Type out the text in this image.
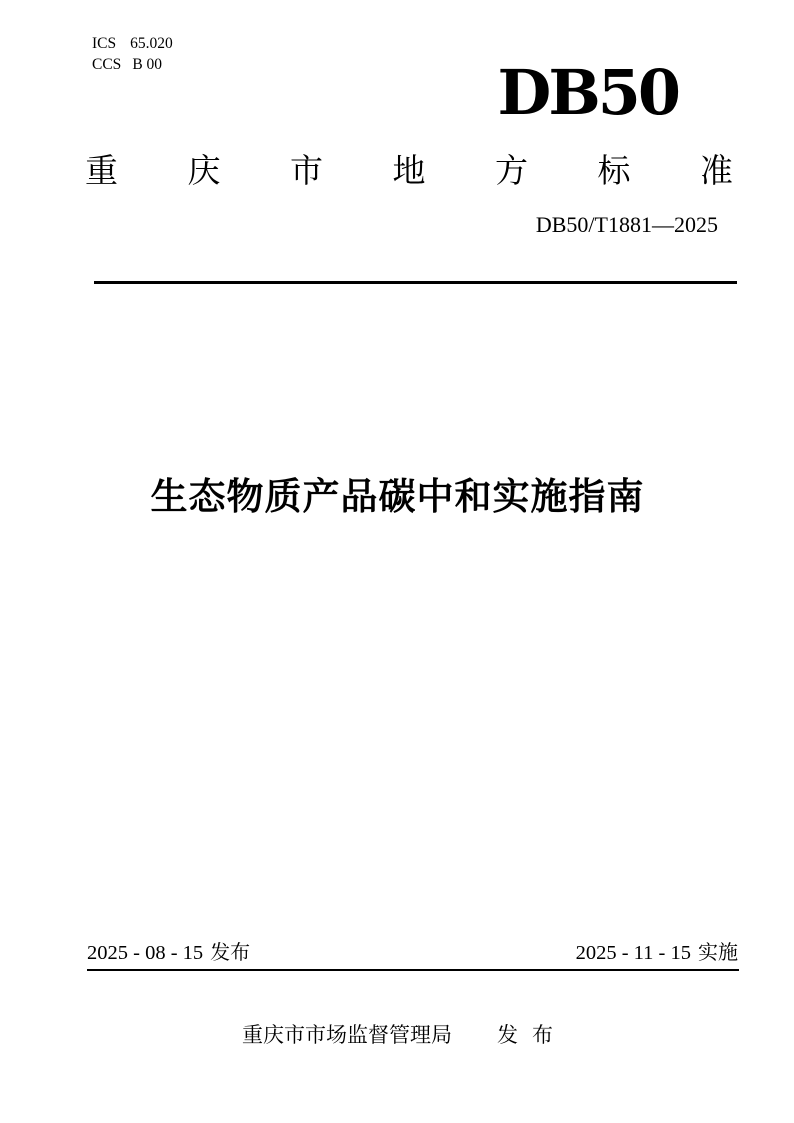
ICS 65.020
CCS B 00	DB50
重 庆 市 地 方 标 准
DB50/T1881—2025
生态物质产品碳中和实施指南
2025 - 08 - 15 发布	2025 - 11 - 15 实施
重庆市市场监督管理局 发 布
